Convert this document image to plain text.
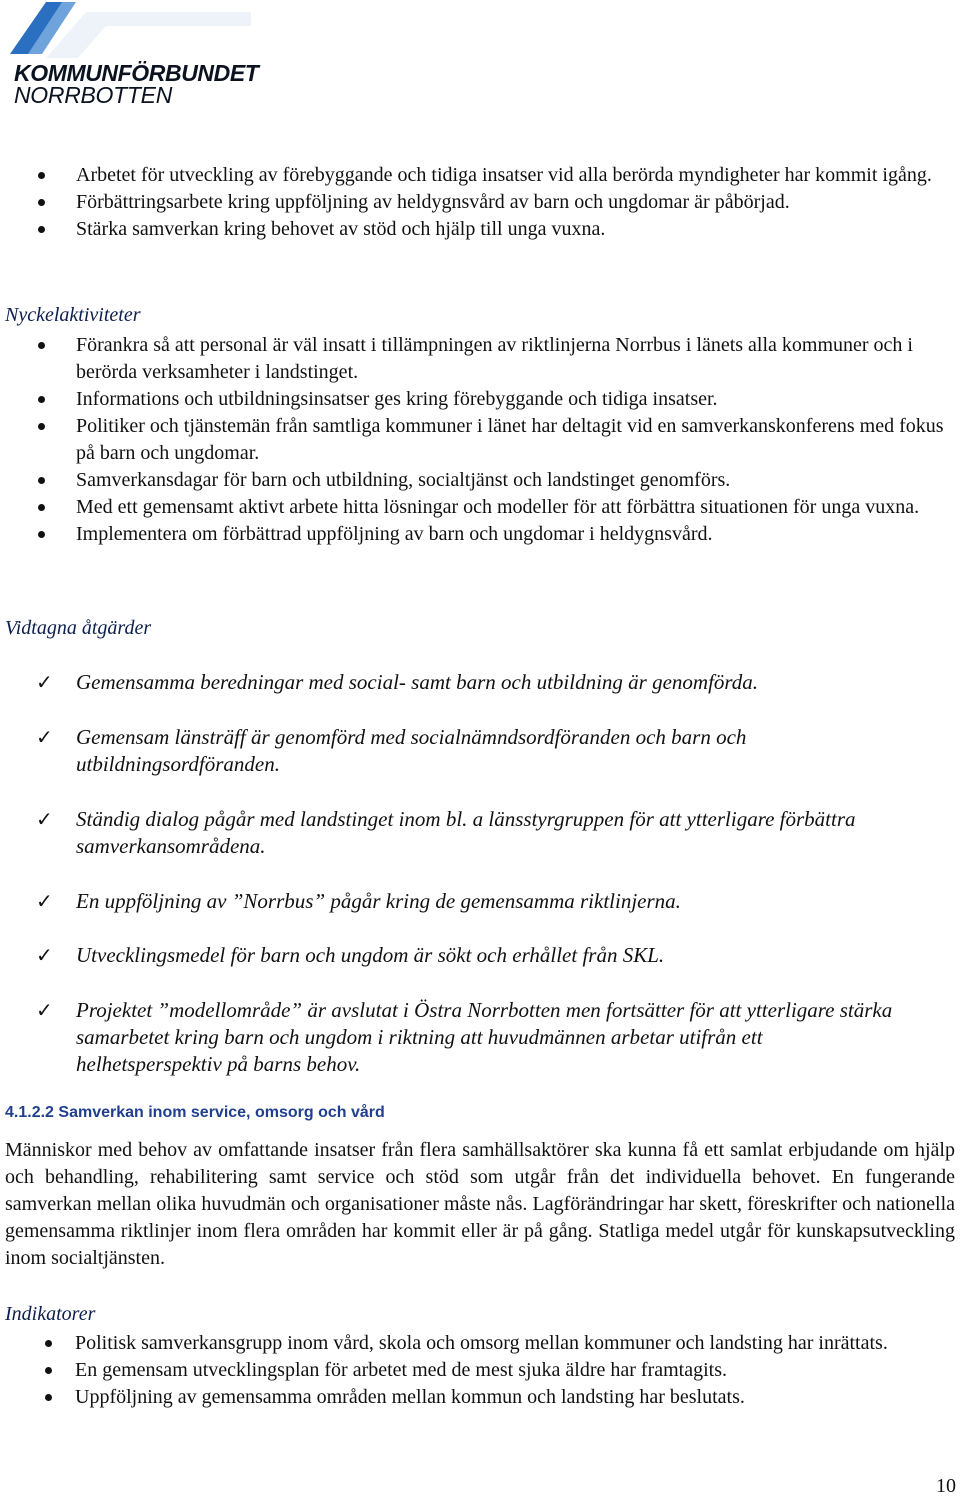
KOMMUNFÖRBUNDET
NORRBOTTEN
Arbetet för utveckling av förebyggande och tidiga insatser vid alla berörda myndigheter har kommit igång.
Förbättringsarbete kring uppföljning av heldygnsvård av barn och ungdomar är påbörjad.
Stärka samverkan kring behovet av stöd och hjälp till unga vuxna.
Nyckelaktiviteter
Förankra så att personal är väl insatt i tillämpningen av riktlinjerna Norrbus i länets alla kommuner och i berörda verksamheter i landstinget.
Informations och utbildningsinsatser ges kring förebyggande och tidiga insatser.
Politiker och tjänstemän från samtliga kommuner i länet har deltagit vid en samverkanskonferens med fokus på barn och ungdomar.
Samverkansdagar för barn och utbildning, socialtjänst och landstinget genomförs.
Med ett gemensamt aktivt arbete hitta lösningar och modeller för att förbättra situationen för unga vuxna.
Implementera om förbättrad uppföljning av barn och ungdomar i heldygnsvård.
Vidtagna åtgärder
✓ Gemensamma beredningar med social- samt barn och utbildning är genomförda.
✓ Gemensam länsträff är genomförd med socialnämndsordföranden och barn och utbildningsordföranden.
✓ Ständig dialog pågår med landstinget inom bl. a länsstyrgruppen för att ytterligare förbättra samverkansområdena.
✓ En uppföljning av ”Norrbus” pågår kring de gemensamma riktlinjerna.
✓ Utvecklingsmedel för barn och ungdom är sökt och erhållet från SKL.
✓ Projektet ”modellområde” är avslutat i Östra Norrbotten men fortsätter för att ytterligare stärka samarbetet kring barn och ungdom i riktning att huvudmännen arbetar utifrån ett helhetsperspektiv på barns behov.
4.1.2.2 Samverkan inom service, omsorg och vård
Människor med behov av omfattande insatser från flera samhällsaktörer ska kunna få ett samlat erbjudande om hjälp och behandling, rehabilitering samt service och stöd som utgår från det individuella behovet. En fungerande samverkan mellan olika huvudmän och organisationer måste nås. Lagförändringar har skett, föreskrifter och nationella gemensamma riktlinjer inom flera områden har kommit eller är på gång. Statliga medel utgår för kunskapsutveckling inom socialtjänsten.
Indikatorer
Politisk samverkansgrupp inom vård, skola och omsorg mellan kommuner och landsting har inrättats.
En gemensam utvecklingsplan för arbetet med de mest sjuka äldre har framtagits.
Uppföljning av gemensamma områden mellan kommun och landsting har beslutats.
10
